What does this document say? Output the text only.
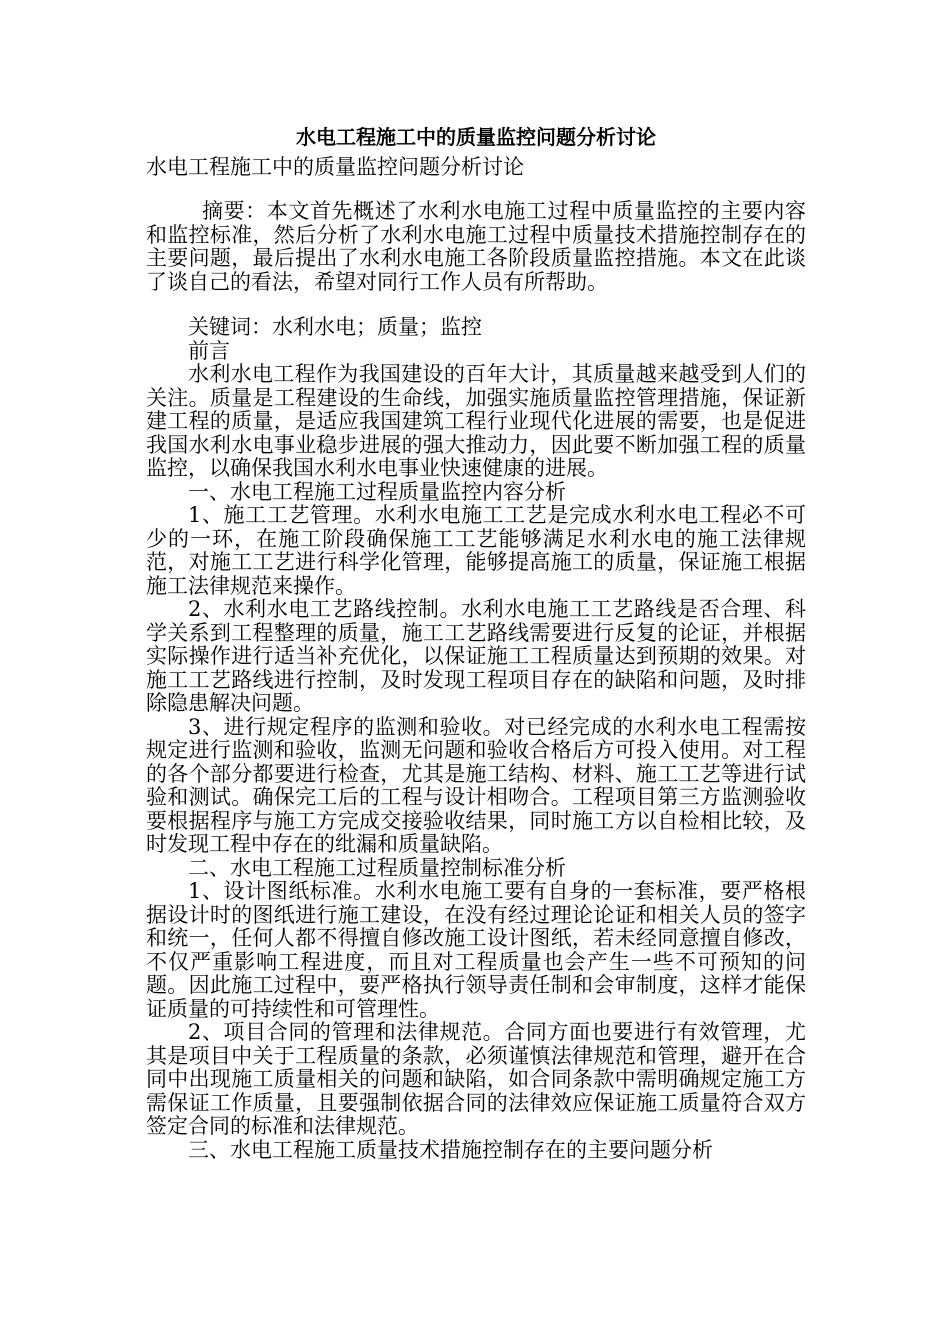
水电工程施工中的质量监控问题分析讨论

水电工程施工中的质量监控问题分析讨论

摘要：本文首先概述了水利水电施工过程中质量监控的主要内容和监控标准，然后分析了水利水电施工过程中质量技术措施控制存在的主要问题，最后提出了水利水电施工各阶段质量监控措施。本文在此谈了谈自己的看法，希望对同行工作人员有所帮助。

关键词：水利水电；质量；监控

前言

水利水电工程作为我国建设的百年大计，其质量越来越受到人们的关注。质量是工程建设的生命线，加强实施质量监控管理措施，保证新建工程的质量，是适应我国建筑工程行业现代化进展的需要，也是促进我国水利水电事业稳步进展的强大推动力，因此要不断加强工程的质量监控，以确保我国水利水电事业快速健康的进展。

一、水电工程施工过程质量监控内容分析

1、施工工艺管理。水利水电施工工艺是完成水利水电工程必不可少的一环，在施工阶段确保施工工艺能够满足水利水电的施工法律规范，对施工工艺进行科学化管理，能够提高施工的质量，保证施工根据施工法律规范来操作。

2、水利水电工艺路线控制。水利水电施工工艺路线是否合理、科学关系到工程整理的质量，施工工艺路线需要进行反复的论证，并根据实际操作进行适当补充优化，以保证施工工程质量达到预期的效果。对施工工艺路线进行控制，及时发现工程项目存在的缺陷和问题，及时排除隐患解决问题。

3、进行规定程序的监测和验收。对已经完成的水利水电工程需按规定进行监测和验收，监测无问题和验收合格后方可投入使用。对工程的各个部分都要进行检查，尤其是施工结构、材料、施工工艺等进行试验和测试。确保完工后的工程与设计相吻合。工程项目第三方监测验收要根据程序与施工方完成交接验收结果，同时施工方以自检相比较，及时发现工程中存在的纰漏和质量缺陷。

二、水电工程施工过程质量控制标准分析

1、设计图纸标准。水利水电施工要有自身的一套标准，要严格根据设计时的图纸进行施工建设，在没有经过理论论证和相关人员的签字和统一，任何人都不得擅自修改施工设计图纸，若未经同意擅自修改，不仅严重影响工程进度，而且对工程质量也会产生一些不可预知的问题。因此施工过程中，要严格执行领导责任制和会审制度，这样才能保证质量的可持续性和可管理性。

2、项目合同的管理和法律规范。合同方面也要进行有效管理，尤其是项目中关于工程质量的条款，必须谨慎法律规范和管理，避开在合同中出现施工质量相关的问题和缺陷，如合同条款中需明确规定施工方需保证工作质量，且要强制依据合同的法律效应保证施工质量符合双方签定合同的标准和法律规范。

三、水电工程施工质量技术措施控制存在的主要问题分析
